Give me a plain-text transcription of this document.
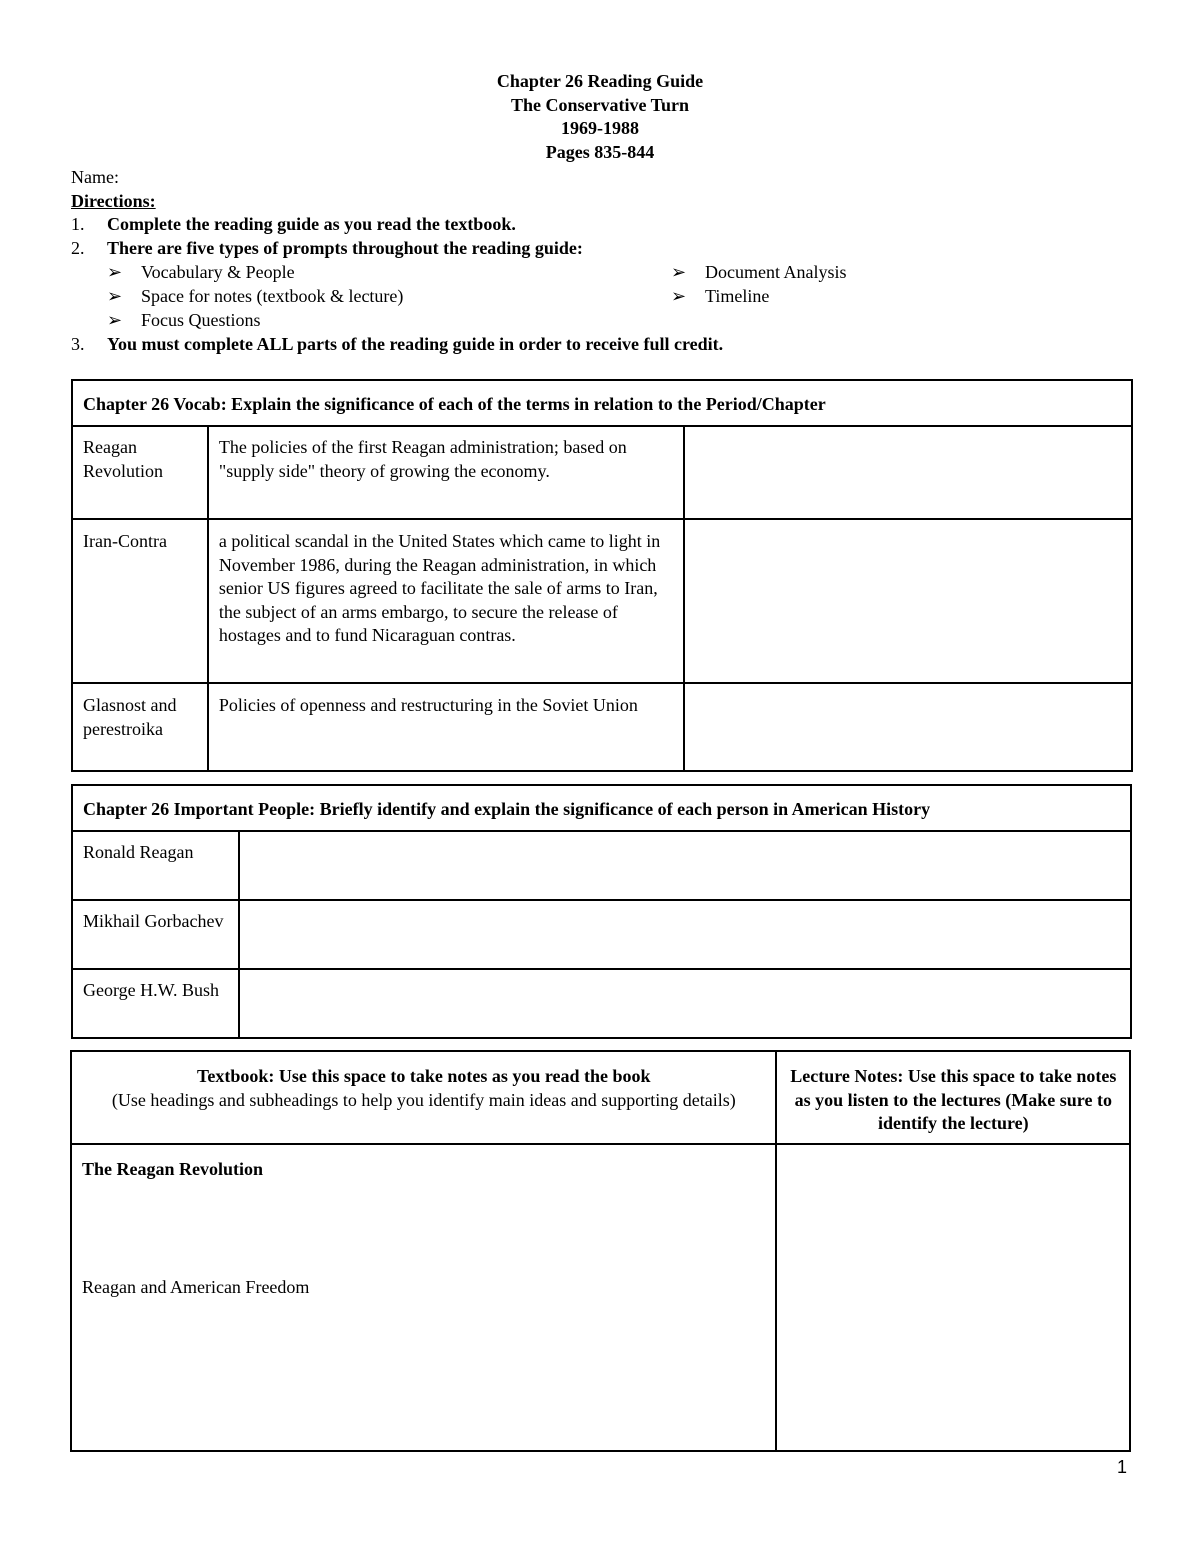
Chapter 26 Reading Guide
The Conservative Turn
1969-1988
Pages 835-844
Name:
Directions:
1. Complete the reading guide as you read the textbook.
2. There are five types of prompts throughout the reading guide:
➢ Vocabulary & People
➢ Space for notes (textbook & lecture)
➢ Focus Questions
➢ Document Analysis
➢ Timeline
3. You must complete ALL parts of the reading guide in order to receive full credit.
Chapter 26 Vocab: Explain the significance of each of the terms in relation to the Period/Chapter		
Reagan Revolution	The policies of the first Reagan administration; based on "supply side" theory of growing the economy.	
Iran-Contra	a political scandal in the United States which came to light in November 1986, during the Reagan administration, in which senior US figures agreed to facilitate the sale of arms to Iran, the subject of an arms embargo, to secure the release of hostages and to fund Nicaraguan contras.	
Glasnost and perestroika	Policies of openness and restructuring in the Soviet Union	
Chapter 26 Important People: Briefly identify and explain the significance of each person in American History	
Ronald Reagan	
Mikhail Gorbachev	
George H.W. Bush	
Textbook: Use this space to take notes as you read the book
(Use headings and subheadings to help you identify main ideas and supporting details)	Lecture Notes: Use this space to take notes as you listen to the lectures (Make sure to identify the lecture)

The Reagan Revolution
Reagan and American Freedom	

1
